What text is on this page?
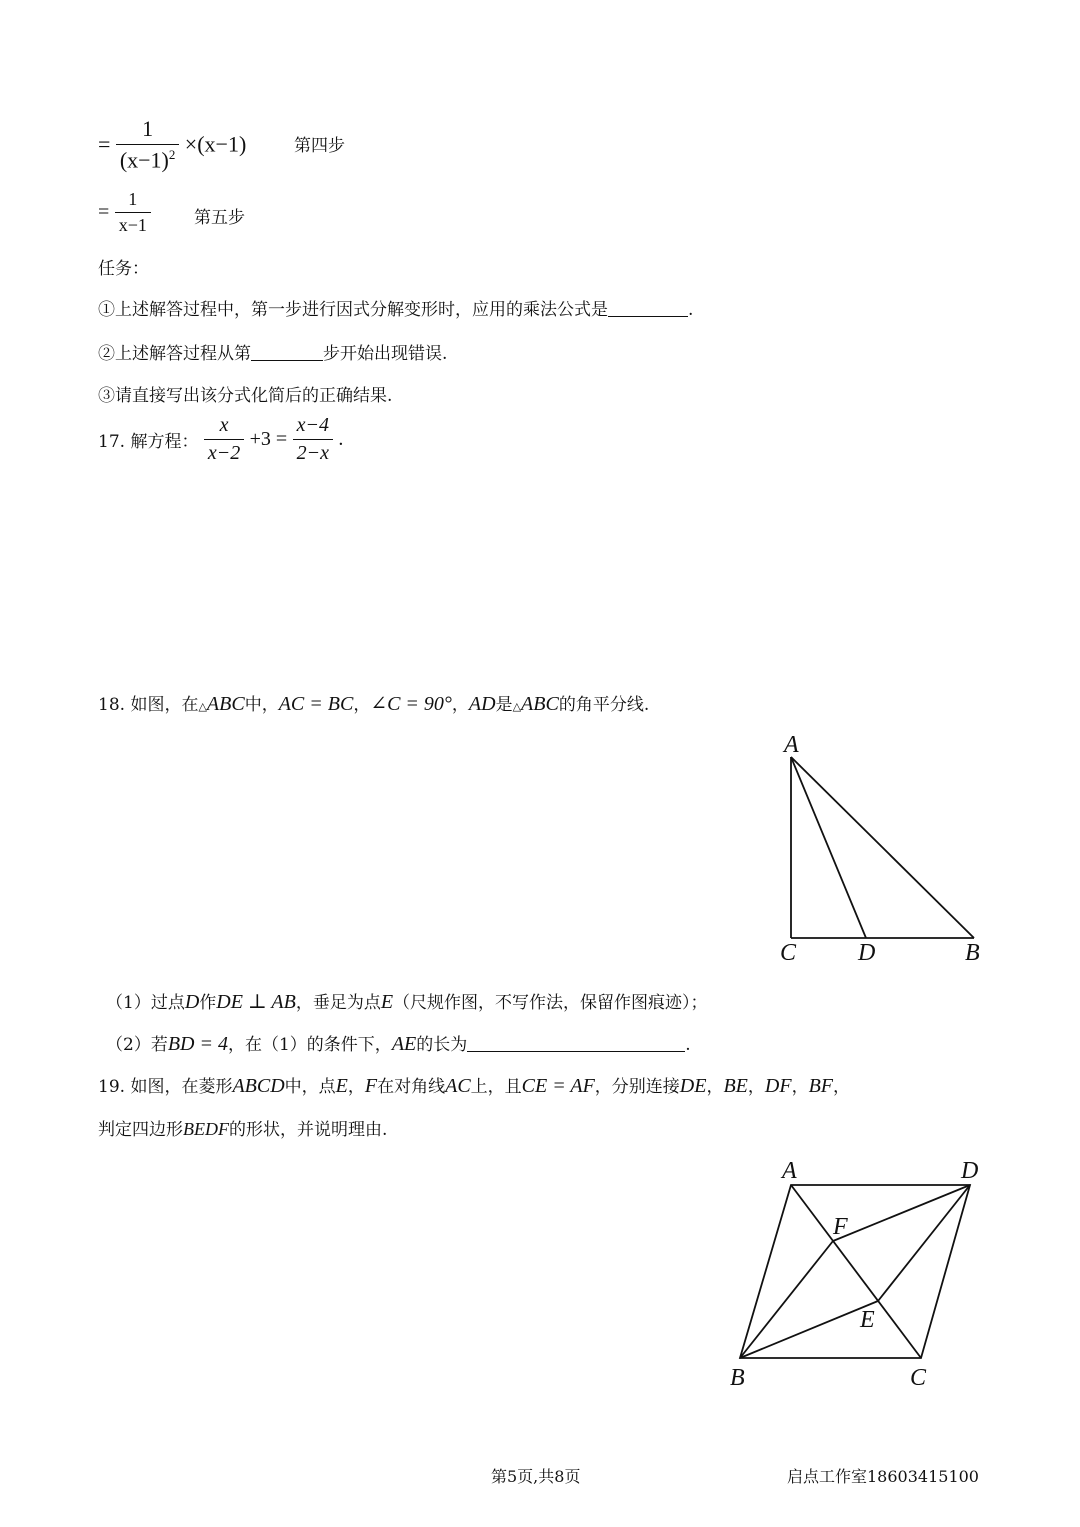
= $\frac{1}{(x-1)^2} \times(x-1)$	第四步
= $\frac{1}{x-1}$	第五步
任务：
①上述解答过程中，第一步进行因式分解变形时，应用的乘法公式是	.
②上述解答过程从第	步开始出现错误.
③请直接写出该分式化简后的正确结果.
17. 解方程： $\frac{x}{x-2} +3 = \frac{x-4}{2-x}$ .
18. 如图，在△ABC中，AC = BC，∠C = 90°，AD是△ABC的角平分线.
A
C	D	B
（1）过点D作DE ⊥ AB，垂足为点E（尺规作图，不写作法，保留作图痕迹）；
（2）若BD = 4，在（1）的条件下，AE的长为	.
19. 如图，在菱形ABCD中，点E，F在对角线AC上，且CE = AF，分别连接DE，BE，DF，BF，
判定四边形BEDF的形状，并说明理由.
A	D
F
E
B	C
第5页,共8页	启点工作室18603415100
